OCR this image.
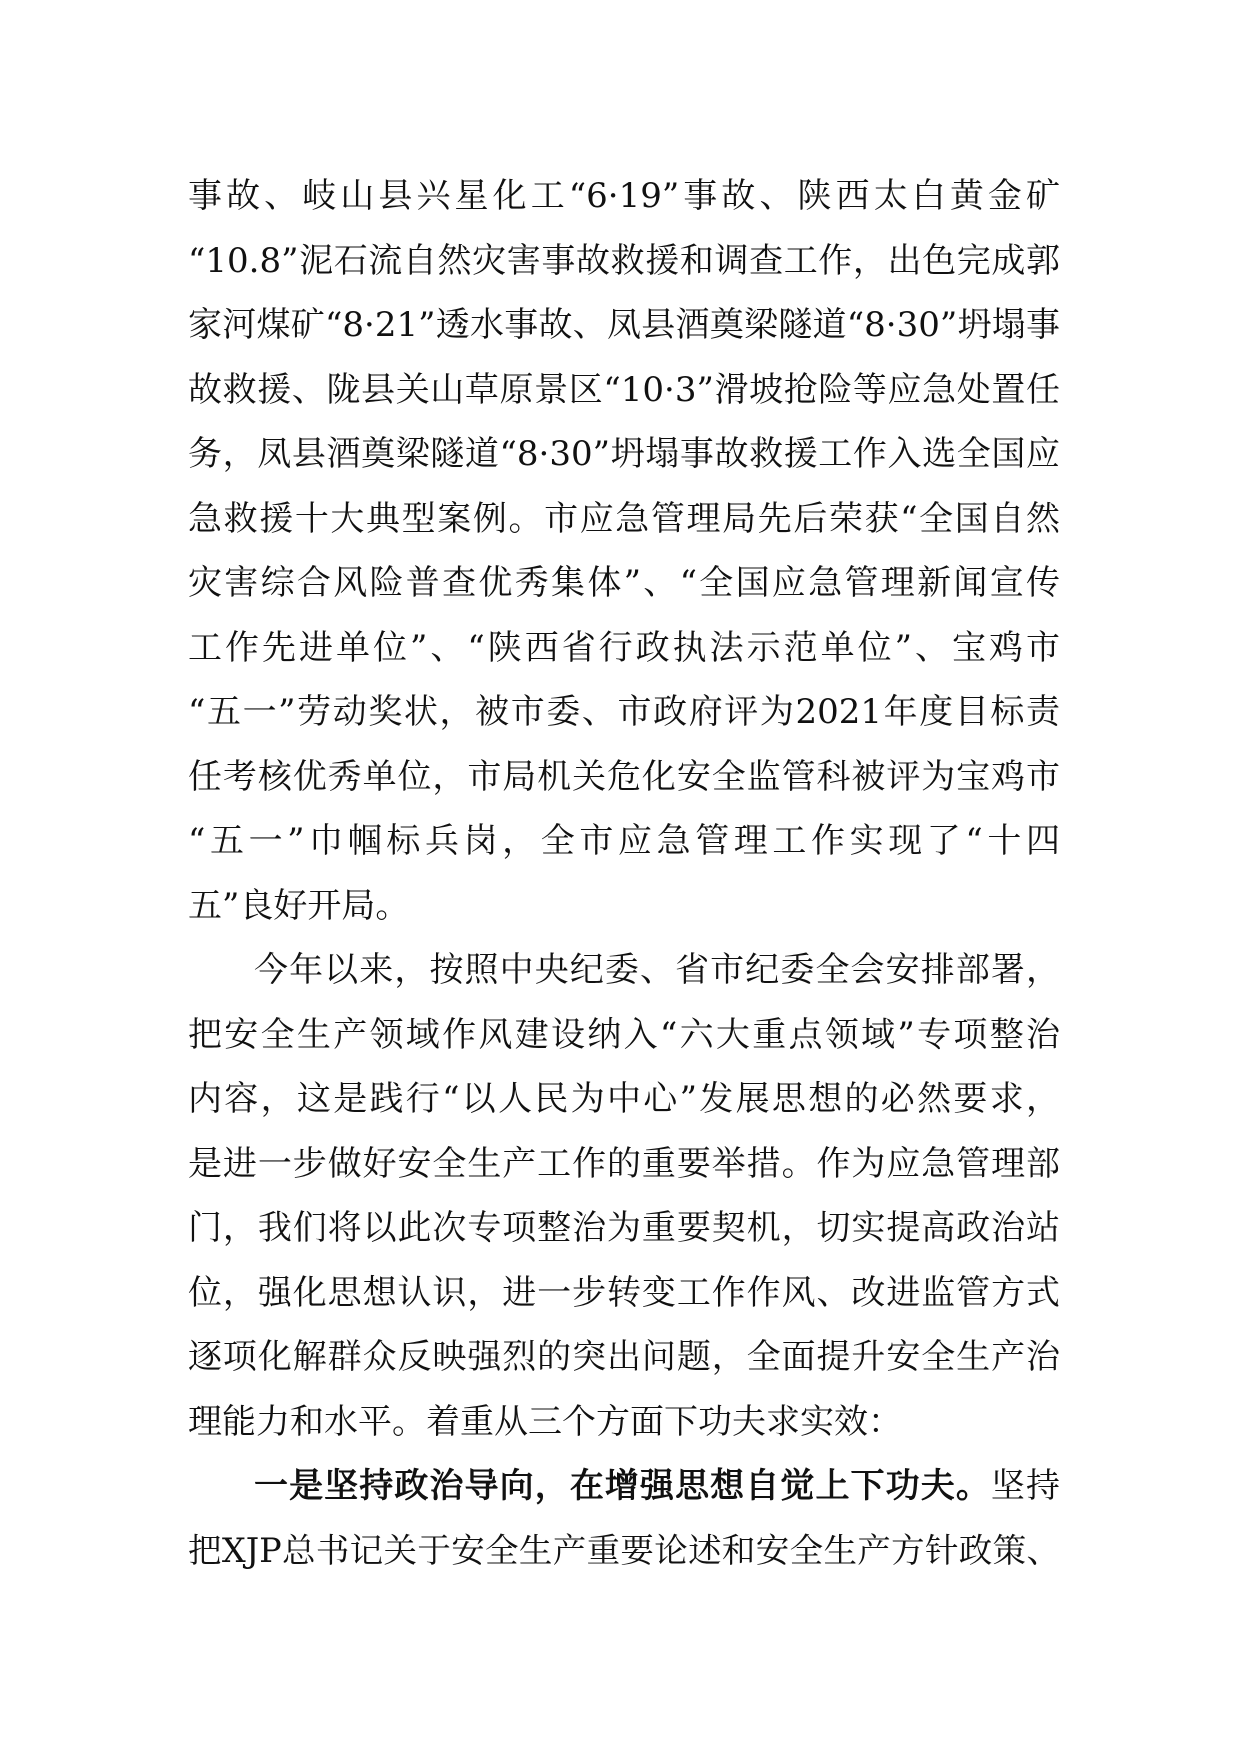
事故、岐山县兴星化工“6·19”事故、陕西太白黄金矿
“10.8”泥石流自然灾害事故救援和调查工作，出色完成郭
家河煤矿“8·21”透水事故、凤县酒奠梁隧道“8·30”坍塌事
故救援、陇县关山草原景区“10·3”滑坡抢险等应急处置任
务，凤县酒奠梁隧道“8·30”坍塌事故救援工作入选全国应
急救援十大典型案例。市应急管理局先后荣获“全国自然
灾害综合风险普查优秀集体”、“全国应急管理新闻宣传
工作先进单位”、“陕西省行政执法示范单位”、宝鸡市
“五一”劳动奖状，被市委、市政府评为2021年度目标责
任考核优秀单位，市局机关危化安全监管科被评为宝鸡市
“五一”巾帼标兵岗，全市应急管理工作实现了“十四
五”良好开局。
今年以来，按照中央纪委、省市纪委全会安排部署，
把安全生产领域作风建设纳入“六大重点领域”专项整治
内容，这是践行“以人民为中心”发展思想的必然要求，
是进一步做好安全生产工作的重要举措。作为应急管理部
门，我们将以此次专项整治为重要契机，切实提高政治站
位，强化思想认识，进一步转变工作作风、改进监管方式
逐项化解群众反映强烈的突出问题，全面提升安全生产治
理能力和水平。着重从三个方面下功夫求实效：
一是坚持政治导向，在增强思想自觉上下功夫。坚持
把XJP总书记关于安全生产重要论述和安全生产方针政策、
